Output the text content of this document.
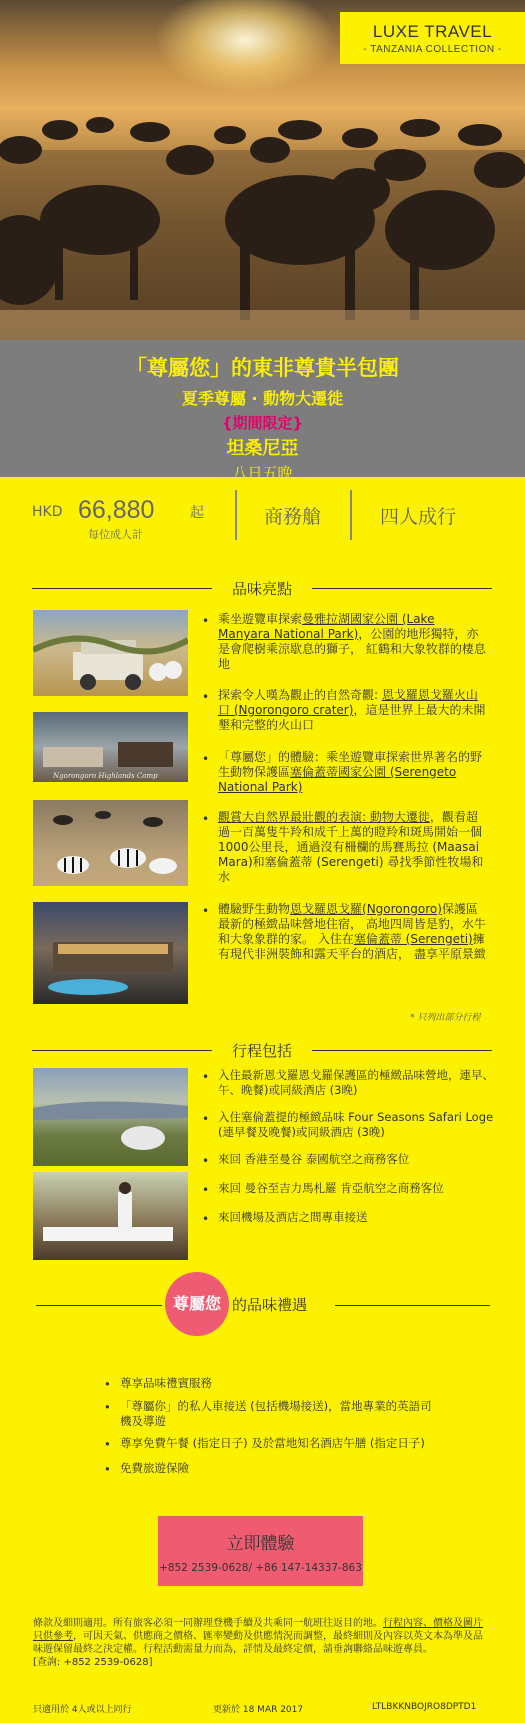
LUXE TRAVEL
- TANZANIA COLLECTION -
「尊屬您」的東非尊貴半包團
夏季尊屬 · 動物大遷徙
{期間限定}
坦桑尼亞
八日五晚
HKD 66,880	起
每位成人計
商務艙	四人成行
品味亮點
• 乘坐遊覽車探索曼雅拉湖國家公園 (Lake Manyara National Park)，公園的地形獨特，亦是會爬樹乘涼歇息的獅子， 紅鶴和大象牧群的棲息地
Ngorongoro Highlands Camp
• 探索令人嘆為觀止的自然奇觀: 恩戈羅恩戈羅火山口 (Ngorongoro crater)，這是世界上最大的未開墾和完整的火山口
• 「尊屬您」的體驗：乘坐遊覽車探索世界著名的野生動物保護區塞倫蓋蒂國家公園 (Serengeto National Park)
• 觀賞大自然界最壯觀的表演: 動物大遷徙，觀看超過一百萬隻牛羚和成千上萬的瞪羚和斑馬開始一個1000公里長，通過沒有柵欄的馬賽馬拉 (Maasai Mara)和塞倫蓋蒂 (Serengeti) 尋找季節性牧場和水
• 體驗野生動物恩戈羅恩戈羅(Ngorongoro)保護區最新的極緻品味營地住宿， 高地四周皆是豹，水牛和大象象群的家。 入住在塞倫蓋蒂 (Serengeti)擁有現代非洲裝飾和露天平台的酒店， 盡享平原景緻
* 只列出部分行程
行程包括
• 入住最新恩戈羅恩戈羅保護區的極緻品味營地，連早、午、晚餐)或同級酒店 (3晚)
• 入住塞倫蓋提的極緻品味 Four Seasons Safari Loge (連早餐及晚餐)或同級酒店 (3晚)
• 來回 香港至曼谷 泰國航空之商務客位
• 來回 曼谷至吉力馬札羅 肯亞航空之商務客位
• 來回機場及酒店之間專車接送
尊屬您 的品味禮遇
• 尊享品味禮賓服務
• 「尊屬你」的私人車接送 (包括機場接送)，當地專業的英語司機及導遊
• 尊享免費午餐 (指定日子) 及於當地知名酒店午膳 (指定日子)
• 免費旅遊保險
立即體驗
+852 2539-0628/ +86 147-14337-863
條款及細則適用。所有旅客必須一同辦理登機手續及共乘同一航班往返目的地。行程內容、價格及圖片只供參考，可因天氣、供應商之價格、匯率變動及供應情況而調整，最終細則及內容以英文本為準及品味遊保留最終之決定權。行程活動需量力而為，詳情及最終定價，請垂詢聯絡品味遊專員。
[查詢: +852 2539-0628]
只適用於 4人或以上同行	更新於 18 MAR 2017	LTLBKKNBOJRO8DPTD1
